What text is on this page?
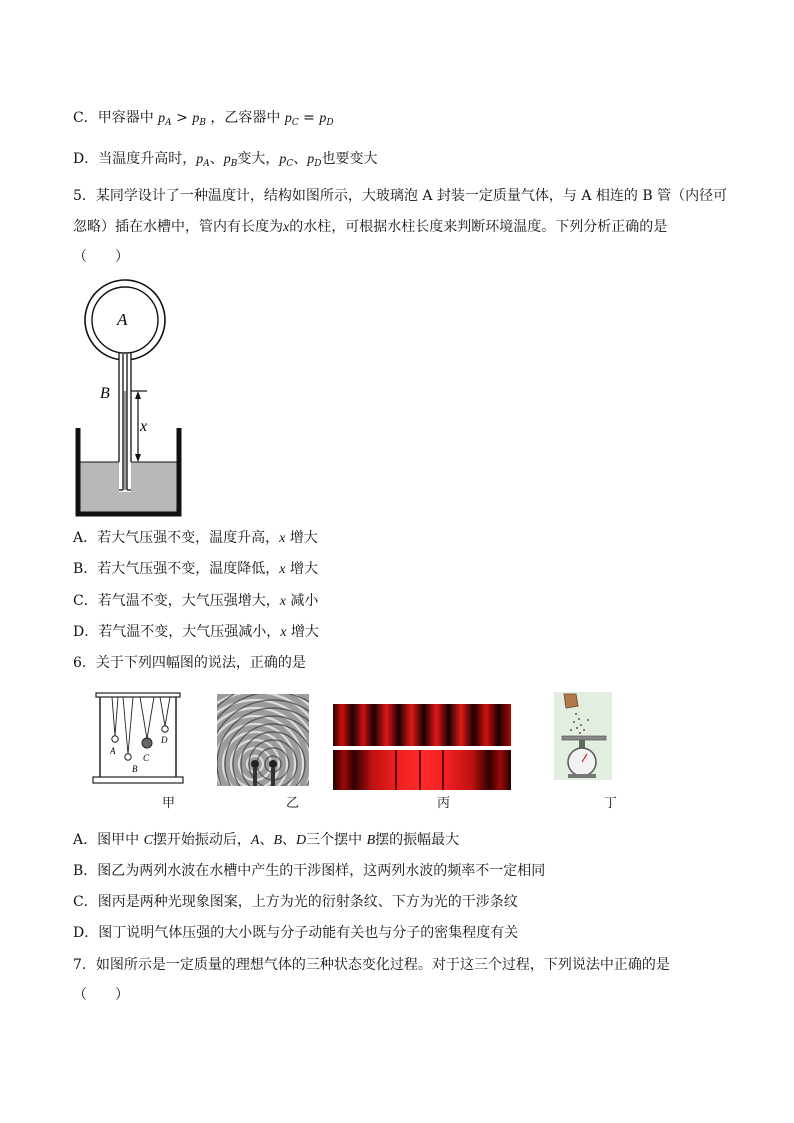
C．甲容器中 $p_A > p_B$ ，乙容器中 $p_C = p_D$
D．当温度升高时，$p_A$、$p_B$变大，$p_C$、$p_D$也要变大
5．某同学设计了一种温度计，结构如图所示，大玻璃泡 A 封装一定质量气体，与 A 相连的 B 管（内径可
忽略）插在水槽中，管内有长度为x的水柱，可根据水柱长度来判断环境温度。下列分析正确的是
（　　）
A
B
x
A．若大气压强不变，温度升高，x 增大
B．若大气压强不变，温度降低，x 增大
C．若气温不变，大气压强增大，x 减小
D．若气温不变，大气压强减小，x 增大
6．关于下列四幅图的说法，正确的是
A
B
C
D
甲	乙	丙	丁
A．图甲中 C摆开始振动后，A、B、D三个摆中 B摆的振幅最大
B．图乙为两列水波在水槽中产生的干涉图样，这两列水波的频率不一定相同
C．图丙是两种光现象图案，上方为光的衍射条纹、下方为光的干涉条纹
D．图丁说明气体压强的大小既与分子动能有关也与分子的密集程度有关
7．如图所示是一定质量的理想气体的三种状态变化过程。对于这三个过程，下列说法中正确的是
（　　）
